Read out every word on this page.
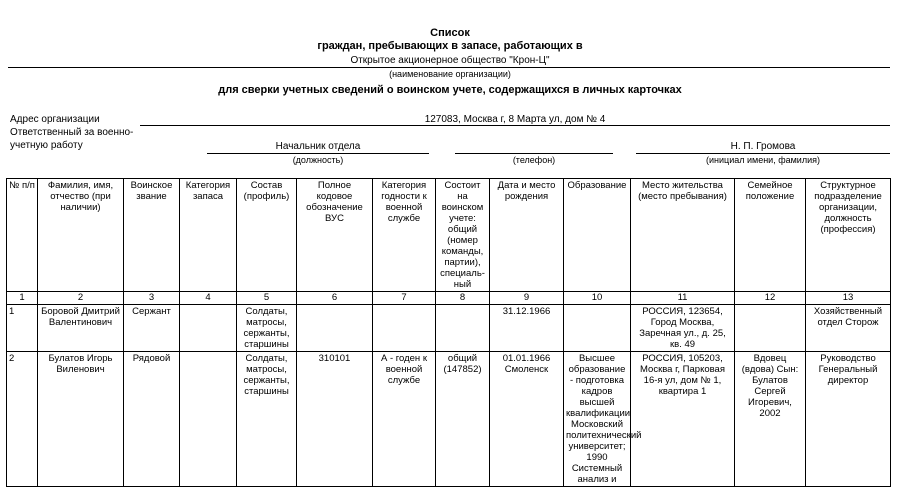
Список
граждан, пребывающих в запасе, работающих в
Открытое акционерное общество "Крон-Ц"
(наименование организации)
для сверки учетных сведений о воинском учете, содержащихся в личных карточках
Адрес организации	127083, Москва г, 8 Марта ул, дом № 4
Ответственный за военно-
учетную работу	Начальник отдела
(должность)	(телефон)
Н. П. Громова
(инициал имени, фамилия)
№ п/п	Фамилия, имя, отчество (при наличии)	Воинское звание	Категория запаса	Состав (профиль)	Полное кодовое обозначение ВУС	Категория годности к военной службе	Состоит на воинском учете: общий (номер команды, партии), специаль-ный	Дата и место рождения	Образование	Место жительства (место пребывания)	Семейное положение	Структурное подразделение организации, должность (профессия)
1	2	3	4	5	6	7	8	9	10	11	12	13
1	Боровой Дмитрий Валентинович	Сержант		Солдаты, матросы, сержанты, старшины				31.12.1966		РОССИЯ, 123654, Город Москва, Заречная ул., д. 25, кв. 49		Хозяйственный отдел Сторож
2	Булатов Игорь Виленович	Рядовой		Солдаты, матросы, сержанты, старшины	310101	А - годен к военной службе	общий (147852)	01.01.1966 Смоленск	Высшее образование - подготовка кадров высшей квалификации Московский политехнический университет; 1990 Системный анализ и	РОССИЯ, 105203, Москва г, Парковая 16-я ул, дом № 1, квартира 1	Вдовец (вдова) Сын: Булатов Сергей Игоревич, 2002	Руководство Генеральный директор
